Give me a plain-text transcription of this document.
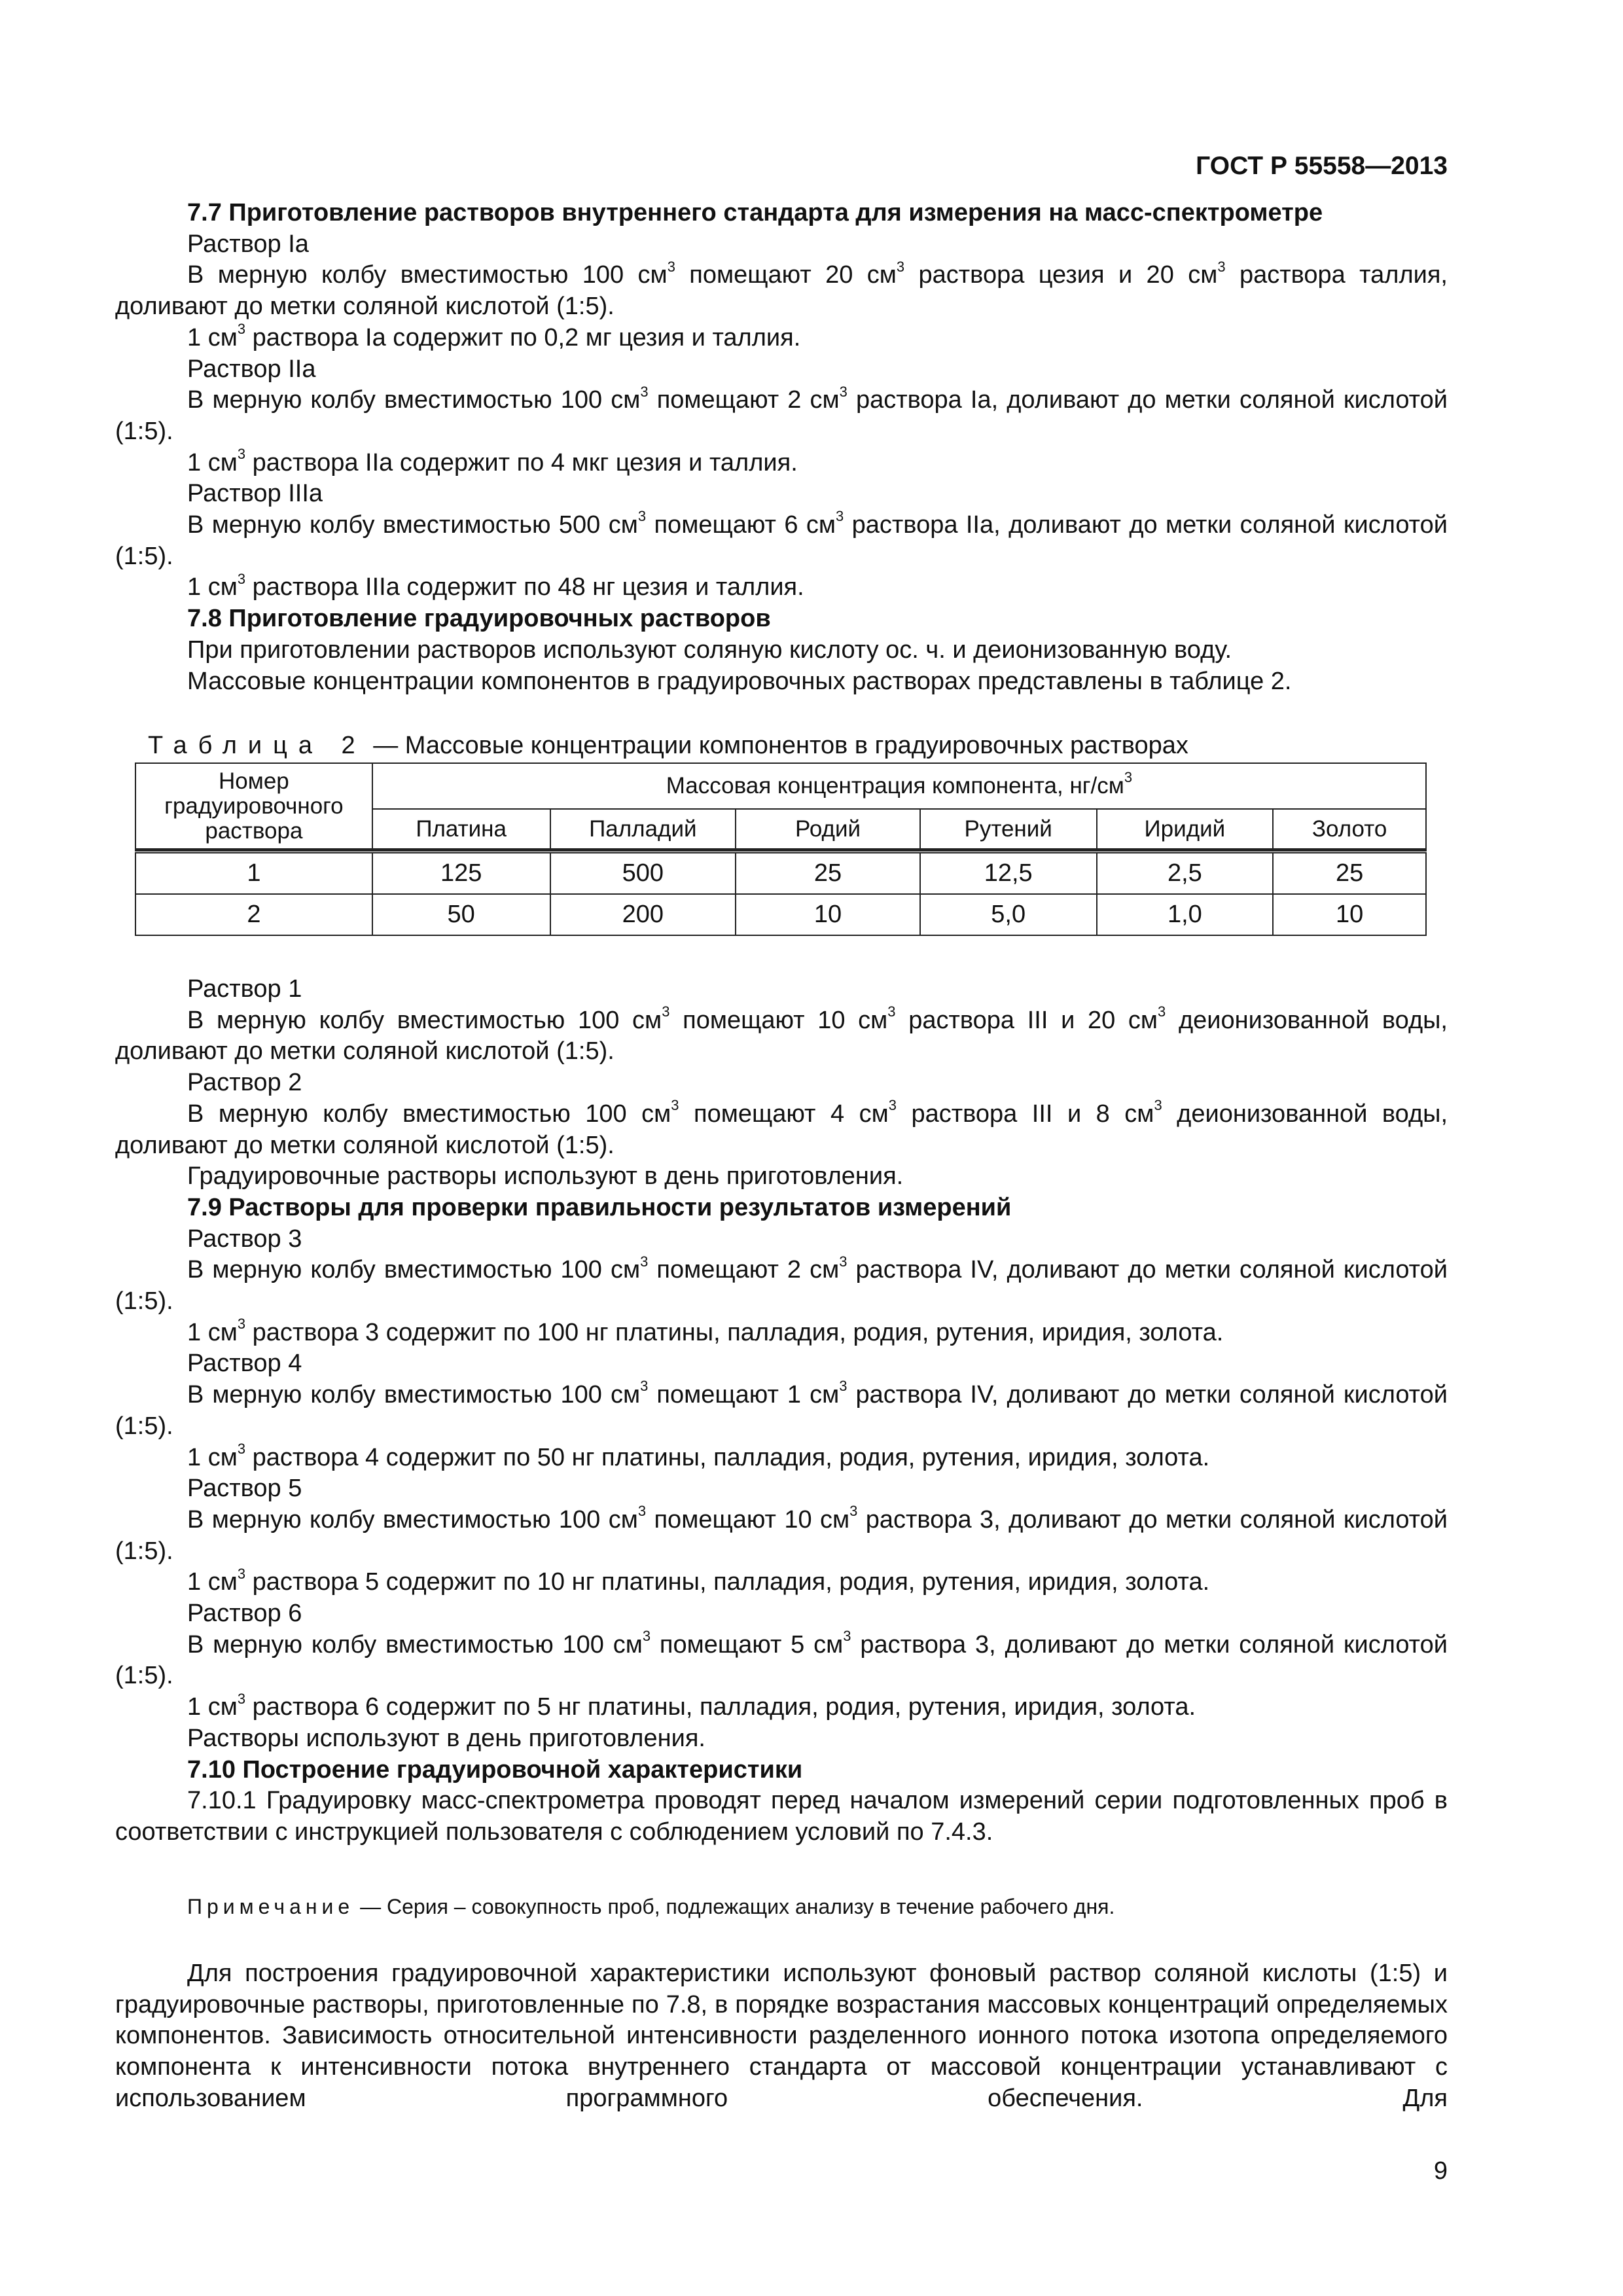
ГОСТ Р 55558—2013
7.7 Приготовление растворов внутреннего стандарта для измерения на масс-спектрометре
Раствор Ia
В мерную колбу вместимостью 100 $см^3$ помещают 20 $см^3$ раствора цезия и 20 $см^3$ раствора таллия, доливают до метки соляной кислотой (1:5).
1 $см^3$ раствора Ia содержит по 0,2 мг цезия и таллия.
Раствор IIa
В мерную колбу вместимостью 100 $см^3$ помещают 2 $см^3$ раствора Ia, доливают до метки соляной кислотой (1:5).
1 $см^3$ раствора IIa содержит по 4 мкг цезия и таллия.
Раствор IIIa
В мерную колбу вместимостью 500 $см^3$ помещают 6 $см^3$ раствора IIa, доливают до метки соляной кислотой (1:5).
1 $см^3$ раствора IIIa содержит по 48 нг цезия и таллия.
7.8 Приготовление градуировочных растворов
При приготовлении растворов используют соляную кислоту ос. ч. и деионизованную воду.
Массовые концентрации компонентов в градуировочных растворах представлены в таблице 2.
Таблица 2 — Массовые концентрации компонентов в градуировочных растворах
Номер градуировочного раствора	Массовая концентрация компонента, $нг/см^3$
	Платина	Палладий	Родий	Рутений	Иридий	Золото

1	125	500	25	12,5	2,5	25
2	50	200	10	5,0	1,0	10
Раствор 1
В мерную колбу вместимостью 100 $см^3$ помещают 10 $см^3$ раствора III и 20 $см^3$ деионизованной воды, доливают до метки соляной кислотой (1:5).
Раствор 2
В мерную колбу вместимостью 100 $см^3$ помещают 4 $см^3$ раствора III и 8 $см^3$ деионизованной воды, доливают до метки соляной кислотой (1:5).
Градуировочные растворы используют в день приготовления.
7.9 Растворы для проверки правильности результатов измерений
Раствор 3
В мерную колбу вместимостью 100 $см^3$ помещают 2 $см^3$ раствора IV, доливают до метки соляной кислотой (1:5).
1 $см^3$ раствора 3 содержит по 100 нг платины, палладия, родия, рутения, иридия, золота.
Раствор 4
В мерную колбу вместимостью 100 $см^3$ помещают 1 $см^3$ раствора IV, доливают до метки соляной кислотой (1:5).
1 $см^3$ раствора 4 содержит по 50 нг платины, палладия, родия, рутения, иридия, золота.
Раствор 5
В мерную колбу вместимостью 100 $см^3$ помещают 10 $см^3$ раствора 3, доливают до метки соляной кислотой (1:5).
1 $см^3$ раствора 5 содержит по 10 нг платины, палладия, родия, рутения, иридия, золота.
Раствор 6
В мерную колбу вместимостью 100 $см^3$ помещают 5 $см^3$ раствора 3, доливают до метки соляной кислотой (1:5).
1 $см^3$ раствора 6 содержит по 5 нг платины, палладия, родия, рутения, иридия, золота.
Растворы используют в день приготовления.
7.10 Построение градуировочной характеристики
7.10.1 Градуировку масс-спектрометра проводят перед началом измерений серии подготовленных проб в соответствии с инструкцией пользователя с соблюдением условий по 7.4.3.
Примечание — Серия – совокупность проб, подлежащих анализу в течение рабочего дня.
Для построения градуировочной характеристики используют фоновый раствор соляной кислоты (1:5) и градуировочные растворы, приготовленные по 7.8, в порядке возрастания массовых концентраций определяемых компонентов. Зависимость относительной интенсивности разделенного ионного потока изотопа определяемого компонента к интенсивности потока внутреннего стандарта от массовой концентрации устанавливают с использованием программного обеспечения. Для
9
